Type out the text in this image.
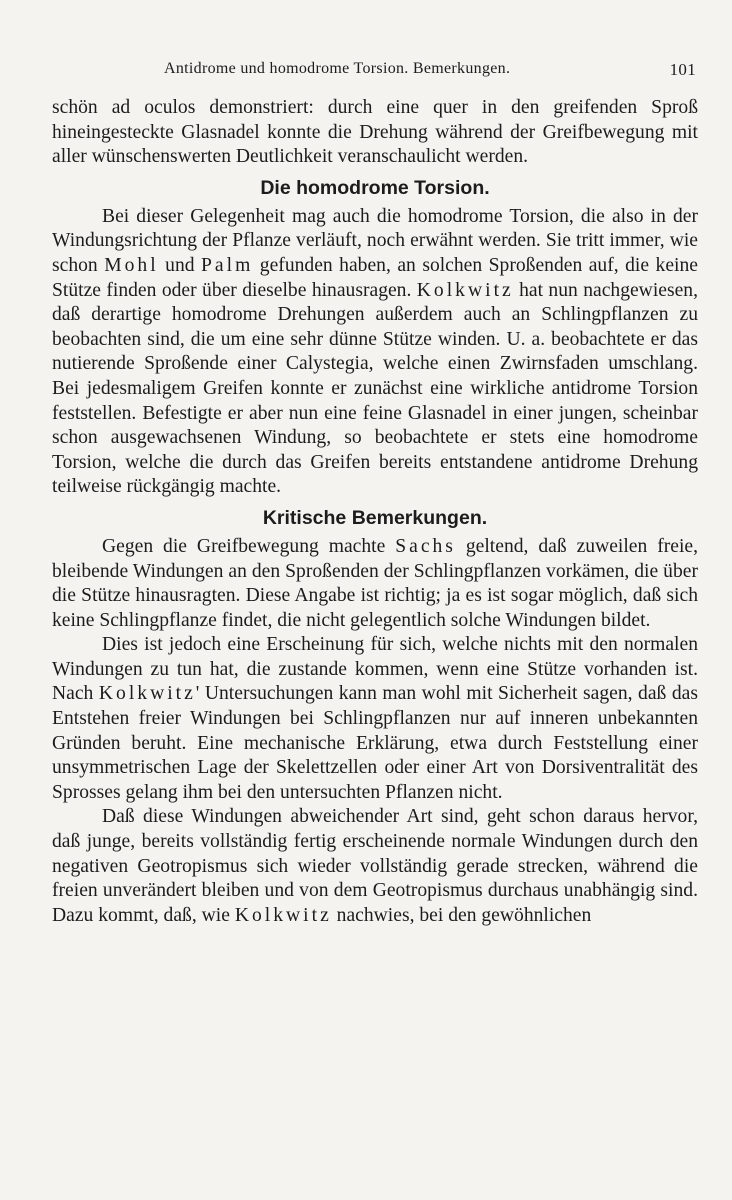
Antidrome und homodrome Torsion. Bemerkungen.	101

schön ad oculos demonstriert: durch eine quer in den greifenden Sproß hineingesteckte Glasnadel konnte die Drehung während der Greifbewegung mit aller wünschenswerten Deutlichkeit veranschaulicht werden.

Die homodrome Torsion.

Bei dieser Gelegenheit mag auch die homodrome Torsion, die also in der Windungsrichtung der Pflanze verläuft, noch erwähnt werden. Sie tritt immer, wie schon Mohl und Palm gefunden haben, an solchen Sproßenden auf, die keine Stütze finden oder über dieselbe hinausragen. Kolkwitz hat nun nachgewiesen, daß derartige homodrome Drehungen außerdem auch an Schlingpflanzen zu beobachten sind, die um eine sehr dünne Stütze winden. U. a. beobachtete er das nutierende Sproßende einer Calystegia, welche einen Zwirnsfaden umschlang. Bei jedesmaligem Greifen konnte er zunächst eine wirkliche antidrome Torsion feststellen. Befestigte er aber nun eine feine Glasnadel in einer jungen, scheinbar schon ausgewachsenen Windung, so beobachtete er stets eine homodrome Torsion, welche die durch das Greifen bereits entstandene antidrome Drehung teilweise rückgängig machte.

Kritische Bemerkungen.

Gegen die Greifbewegung machte Sachs geltend, daß zuweilen freie, bleibende Windungen an den Sproßenden der Schlingpflanzen vorkämen, die über die Stütze hinausragten. Diese Angabe ist richtig; ja es ist sogar möglich, daß sich keine Schlingpflanze findet, die nicht gelegentlich solche Windungen bildet.

Dies ist jedoch eine Erscheinung für sich, welche nichts mit den normalen Windungen zu tun hat, die zustande kommen, wenn eine Stütze vorhanden ist. Nach Kolkwitz' Untersuchungen kann man wohl mit Sicherheit sagen, daß das Entstehen freier Windungen bei Schlingpflanzen nur auf inneren unbekannten Gründen beruht. Eine mechanische Erklärung, etwa durch Feststellung einer unsymmetrischen Lage der Skelettzellen oder einer Art von Dorsiventralität des Sprosses gelang ihm bei den untersuchten Pflanzen nicht.

Daß diese Windungen abweichender Art sind, geht schon daraus hervor, daß junge, bereits vollständig fertig erscheinende normale Windungen durch den negativen Geotropismus sich wieder vollständig gerade strecken, während die freien unverändert bleiben und von dem Geotropismus durchaus unabhängig sind. Dazu kommt, daß, wie Kolkwitz nachwies, bei den gewöhnlichen
